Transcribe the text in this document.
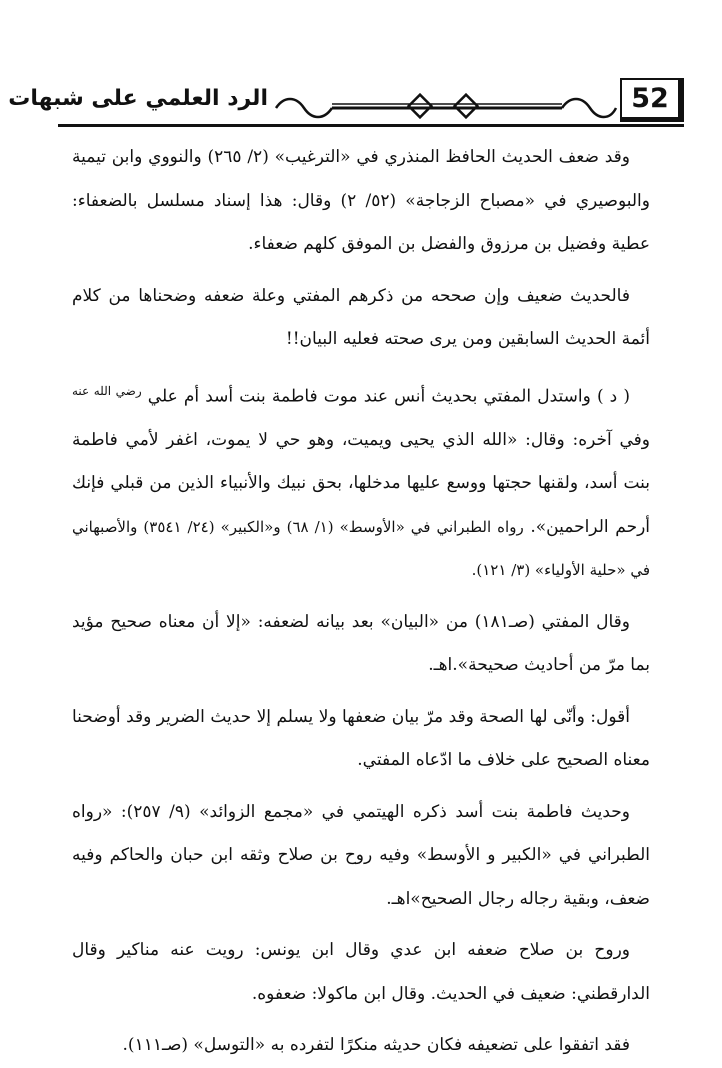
52
الرد العلمي على شبهات

وقد ضعف الحديث الحافظ المنذري في «الترغيب» (٢/ ٢٦٥) والنووي وابن تيمية والبوصيري في «مصباح الزجاجة» (٥٢/ ٢) وقال: هذا إسناد مسلسل بالضعفاء: عطية وفضيل بن مرزوق والفضل بن الموفق كلهم ضعفاء.

فالحديث ضعيف وإن صححه من ذكرهم المفتي وعلة ضعفه وضحناها من كلام أئمة الحديث السابقين ومن يرى صحته فعليه البيان!!

( د ) واستدل المفتي بحديث أنس عند موت فاطمة بنت أسد أم علي $^{رضي الله عنه}$ وفي آخره: وقال: «الله الذي يحيى ويميت، وهو حي لا يموت، اغفر لأمي فاطمة بنت أسد، ولقنها حجتها ووسع عليها مدخلها، بحق نبيك والأنبياء الذين من قبلي فإنك أرحم الراحمين». رواه الطبراني في «الأوسط» (١/ ٦٨) و«الكبير» (٢٤/ ٣٥٤١) والأصبهاني في «حلية الأولياء» (٣/ ١٢١).

وقال المفتي (صـ١٨١) من «البيان» بعد بيانه لضعفه: «إلا أن معناه صحيح مؤيد بما مرّ من أحاديث صحيحة».اهـ.

أقول: وأنّى لها الصحة وقد مرّ بيان ضعفها ولا يسلم إلا حديث الضرير وقد أوضحنا معناه الصحيح على خلاف ما ادّعاه المفتي.

وحديث فاطمة بنت أسد ذكره الهيتمي في «مجمع الزوائد» (٩/ ٢٥٧): «رواه الطبراني في «الكبير و الأوسط» وفيه روح بن صلاح وثقه ابن حبان والحاكم وفيه ضعف، وبقية رجاله رجال الصحيح»اهـ.

وروح بن صلاح ضعفه ابن عدي وقال ابن يونس: رويت عنه مناكير وقال الدارقطني: ضعيف في الحديث. وقال ابن ماكولا: ضعفوه.

فقد اتفقوا على تضعيفه فكان حديثه منكرًا لتفرده به «التوسل» (صـ١١١).
